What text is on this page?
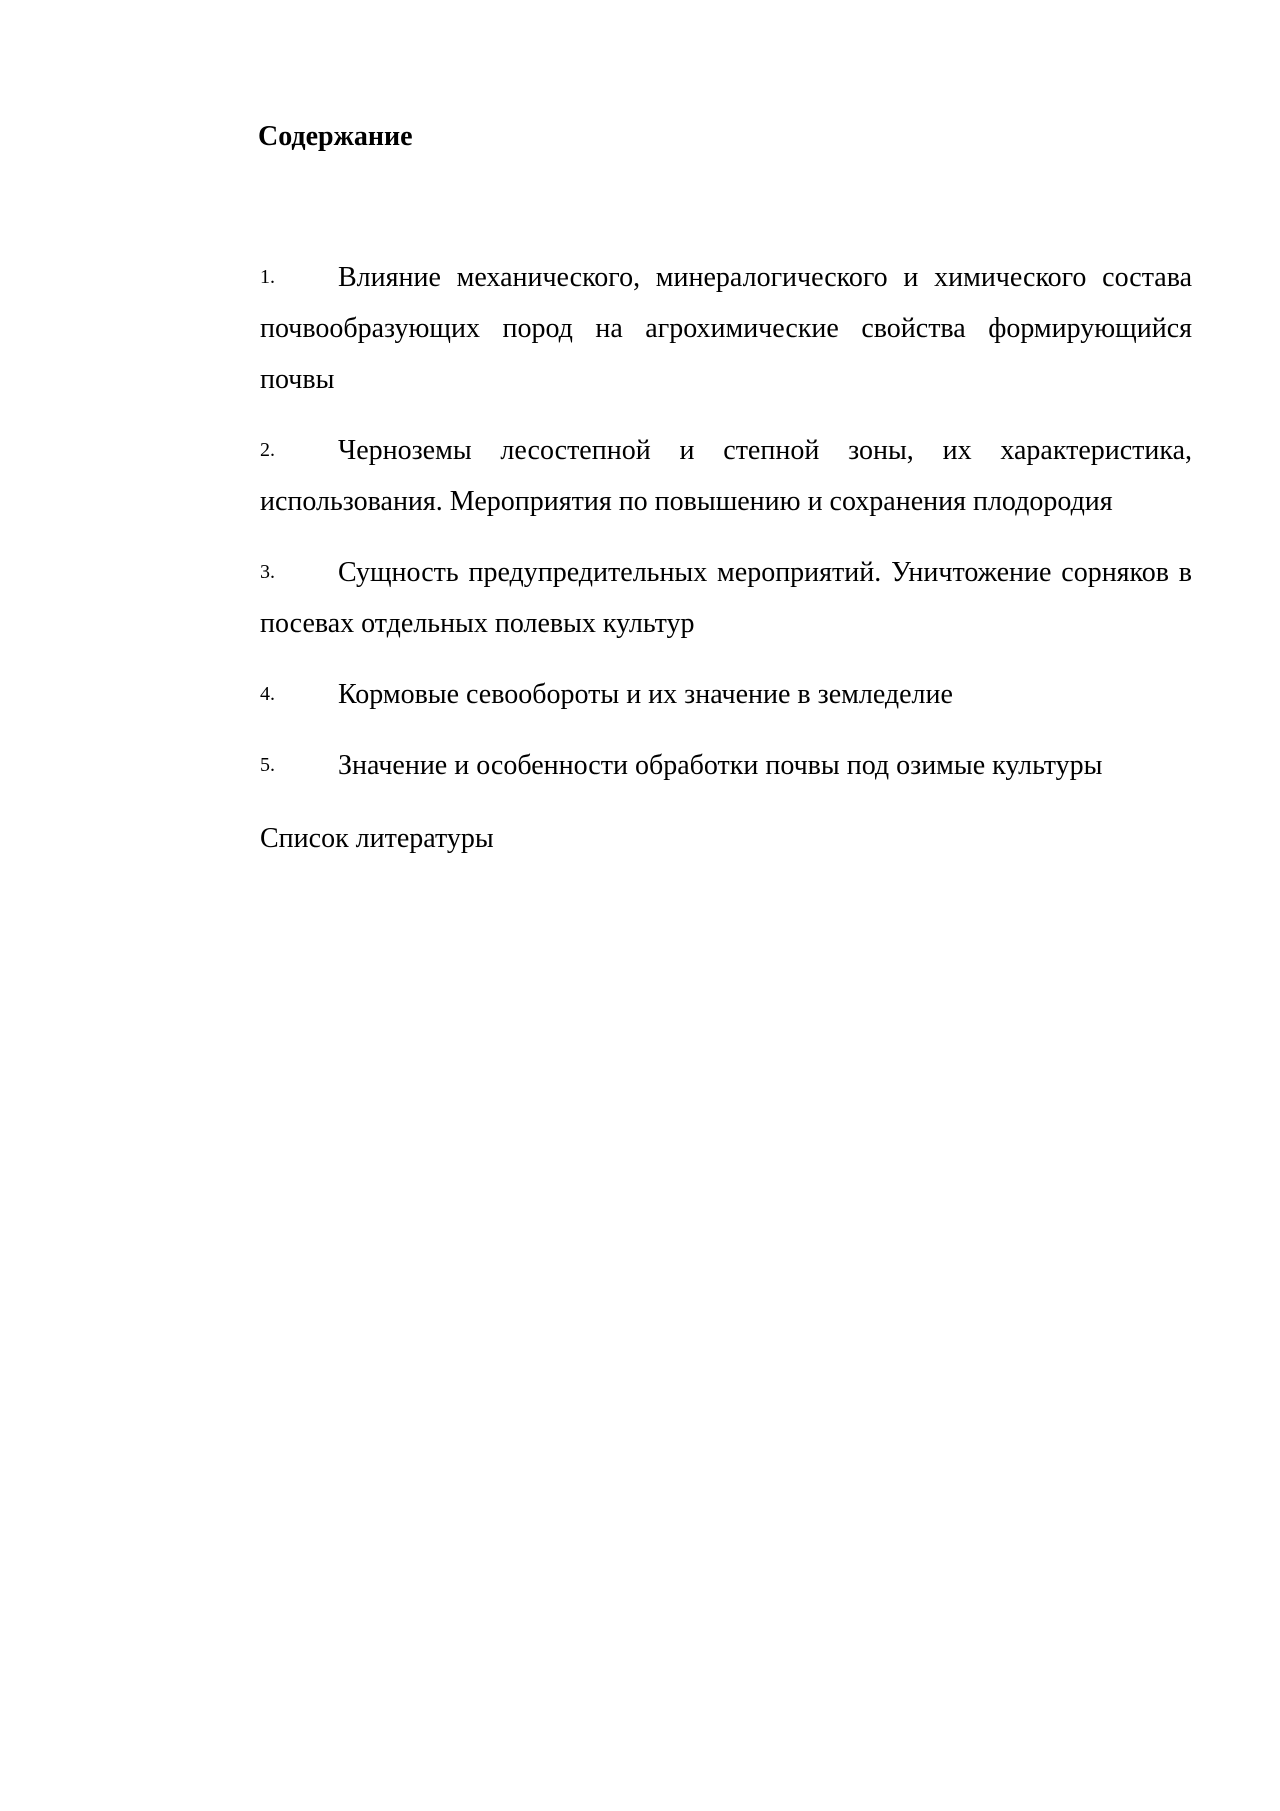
Содержание
1. Влияние механического, минералогического и химического состава почвообразующих пород на агрохимические свойства формирующийся почвы
2. Черноземы лесостепной и степной зоны, их характеристика, использования. Мероприятия по повышению и сохранения плодородия
3. Сущность предупредительных мероприятий. Уничтожение сорняков в посевах отдельных полевых культур
4. Кормовые севообороты и их значение в земледелие
5. Значение и особенности обработки почвы под озимые культуры
Список литературы
